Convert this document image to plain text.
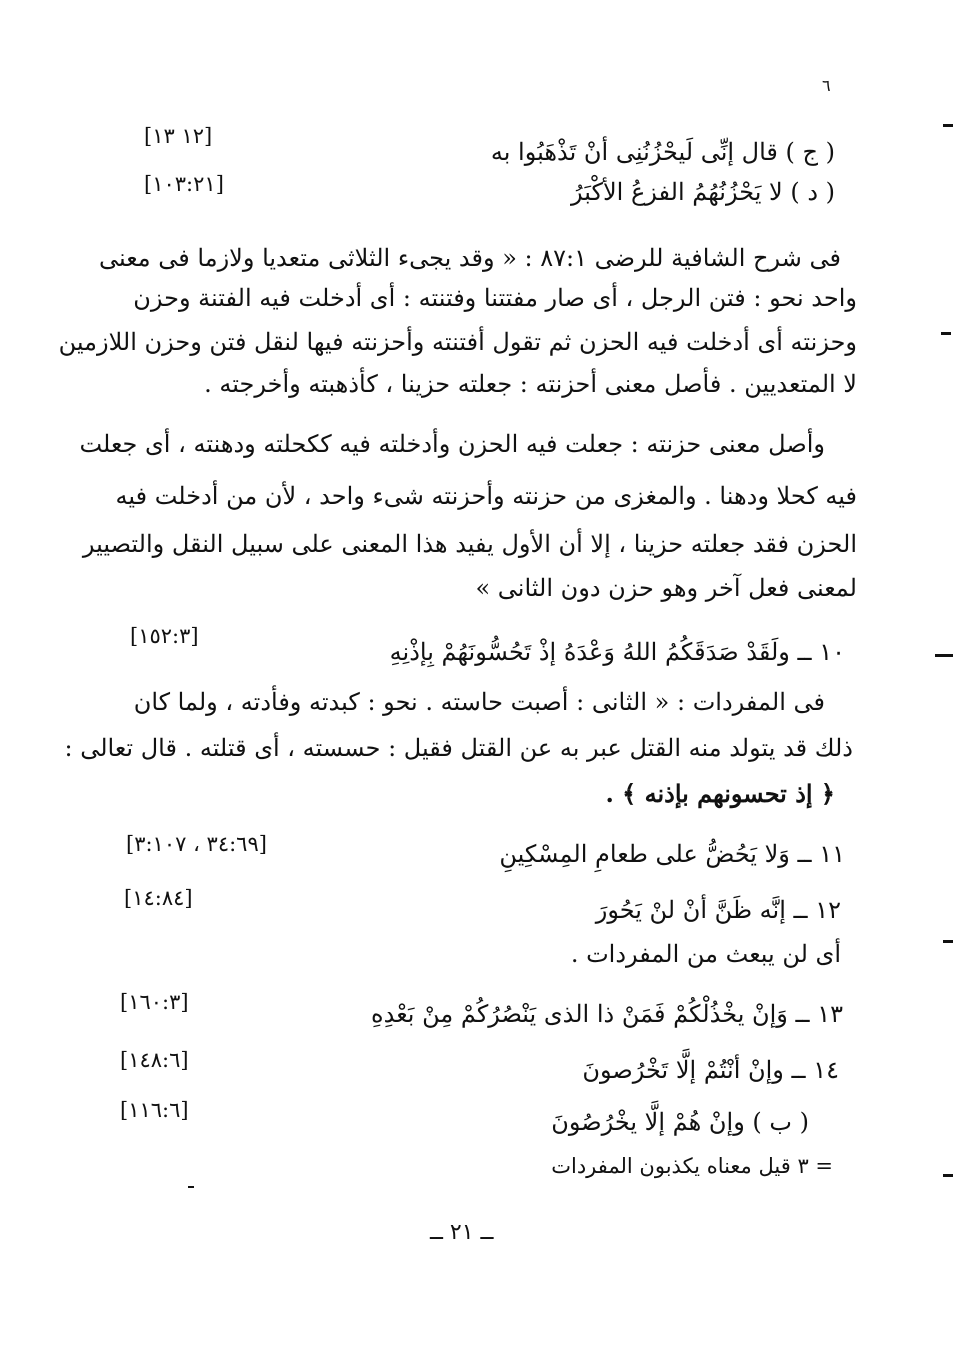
٦
( ج ) قال إنِّى لَيحْزُنُنِى أنْ تَذْهَبُوا به
[١٢ ١٣]
( د ) لا يَحْزُنُهُمُ الفزعُ الأكْبَرُ
[١٠٣:٢١]
فى شرح الشافية للرضى ٨٧:١ : « وقد يجىء الثلاثى متعديا ولازما فى معنى
واحد نحو : فتن الرجل ، أى صار مفتتنا وفتنته : أى أدخلت فيه الفتنة وحزن
وحزنته أى أدخلت فيه الحزن ثم تقول أفتنته وأحزنته فيها لنقل فتن وحزن اللازمين
لا المتعديين . فأصل معنى أحزنته : جعلته حزينا ، كأذهبته وأخرجته .
وأصل معنى حزنته : جعلت فيه الحزن وأدخلته فيه ككحلته ودهنته ، أى جعلت
فيه كحلا ودهنا . والمغزى من حزنته وأحزنته شىء واحد ، لأن من أدخلت فيه
الحزن فقد جعلته حزينا ، إلا أن الأول يفيد هذا المعنى على سبيل النقل والتصيير
لمعنى فعل آخر وهو حزن دون الثانى »
١٠ ــ ولَقَدْ صَدَقَكُمُ اللهُ وَعْدَهُ إذْ تَحُسُّونَهُمْ بِإذْنِهِ
[١٥٢:٣]
فى المفردات : « الثانى : أصبت حاسته . نحو : كبدته وفأدته ، ولما كان
ذلك قد يتولد منه القتل عبر به عن القتل فقيل : حسسته ، أى قتلته . قال تعالى :
﴿ إذ تحسونهم بإذنه ﴾ .
١١ ــ وَلا يَحُضُّ على طعامِ المِسْكِينِ
[٣٤:٦٩ ، ٣:١٠٧]
١٢ ــ إنَّه ظَنَّ أنْ لنْ يَحُورَ
[١٤:٨٤]
أى لن يبعث من المفردات .
١٣ ــ وَإنْ يخْذُلْكُمْ فَمَنْ ذا الذى يَنْصُرُكُمْ مِنْ بَعْدِهِ
[١٦٠:٣]
١٤ ــ وإنْ أنْتُمْ إلَّا تَخْرُصونَ
[١٤٨:٦]
( ب ) وإنْ هُمْ إلَّا يخْرُصُونَ
[١١٦:٦]
= ٣ قيل معناه يكذبون المفردات
ــ ٢١ ــ
